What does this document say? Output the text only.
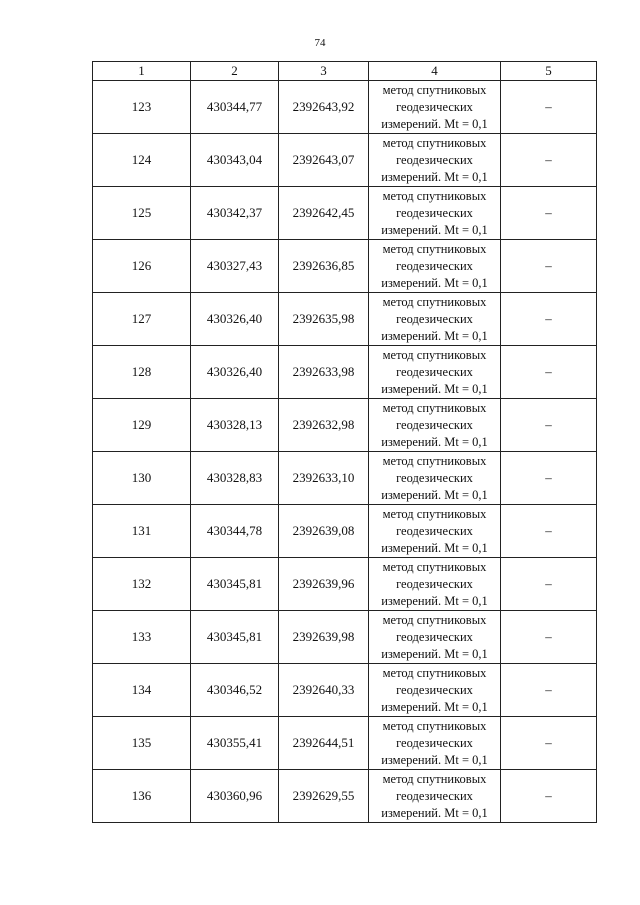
74
1	2	3	4	5
123	430344,77	2392643,92	метод спутниковых
геодезических
измерений. Mt = 0,1	–
124	430343,04	2392643,07	метод спутниковых
геодезических
измерений. Mt = 0,1	–
125	430342,37	2392642,45	метод спутниковых
геодезических
измерений. Mt = 0,1	–
126	430327,43	2392636,85	метод спутниковых
геодезических
измерений. Mt = 0,1	–
127	430326,40	2392635,98	метод спутниковых
геодезических
измерений. Mt = 0,1	–
128	430326,40	2392633,98	метод спутниковых
геодезических
измерений. Mt = 0,1	–
129	430328,13	2392632,98	метод спутниковых
геодезических
измерений. Mt = 0,1	–
130	430328,83	2392633,10	метод спутниковых
геодезических
измерений. Mt = 0,1	–
131	430344,78	2392639,08	метод спутниковых
геодезических
измерений. Mt = 0,1	–
132	430345,81	2392639,96	метод спутниковых
геодезических
измерений. Mt = 0,1	–
133	430345,81	2392639,98	метод спутниковых
геодезических
измерений. Mt = 0,1	–
134	430346,52	2392640,33	метод спутниковых
геодезических
измерений. Mt = 0,1	–
135	430355,41	2392644,51	метод спутниковых
геодезических
измерений. Mt = 0,1	–
136	430360,96	2392629,55	метод спутниковых
геодезических
измерений. Mt = 0,1	–
